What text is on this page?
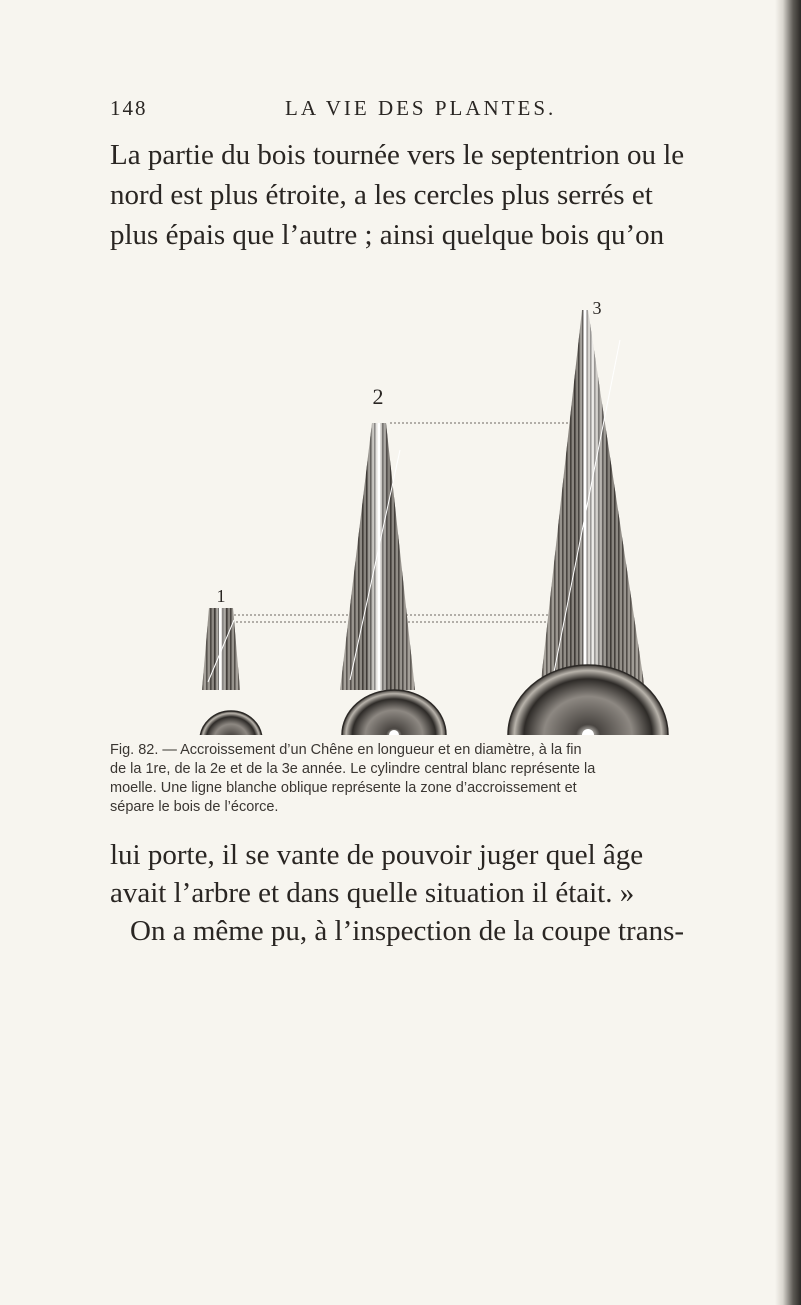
148	LA VIE DES PLANTES.
La partie du bois tournée vers le septentrion ou le
nord est plus étroite, a les cercles plus serrés et
plus épais que l’autre ; ainsi quelque bois qu’on
1
2
3
Fig. 82. — Accroissement d’un Chêne en longueur et en diamètre, à la fin
de la 1re, de la 2e et de la 3e année. Le cylindre central blanc représente la
moelle. Une ligne blanche oblique représente la zone d’accroissement et
sépare le bois de l’écorce.
lui porte, il se vante de pouvoir juger quel âge
avait l’arbre et dans quelle situation il était. »
On a même pu, à l’inspection de la coupe trans-
